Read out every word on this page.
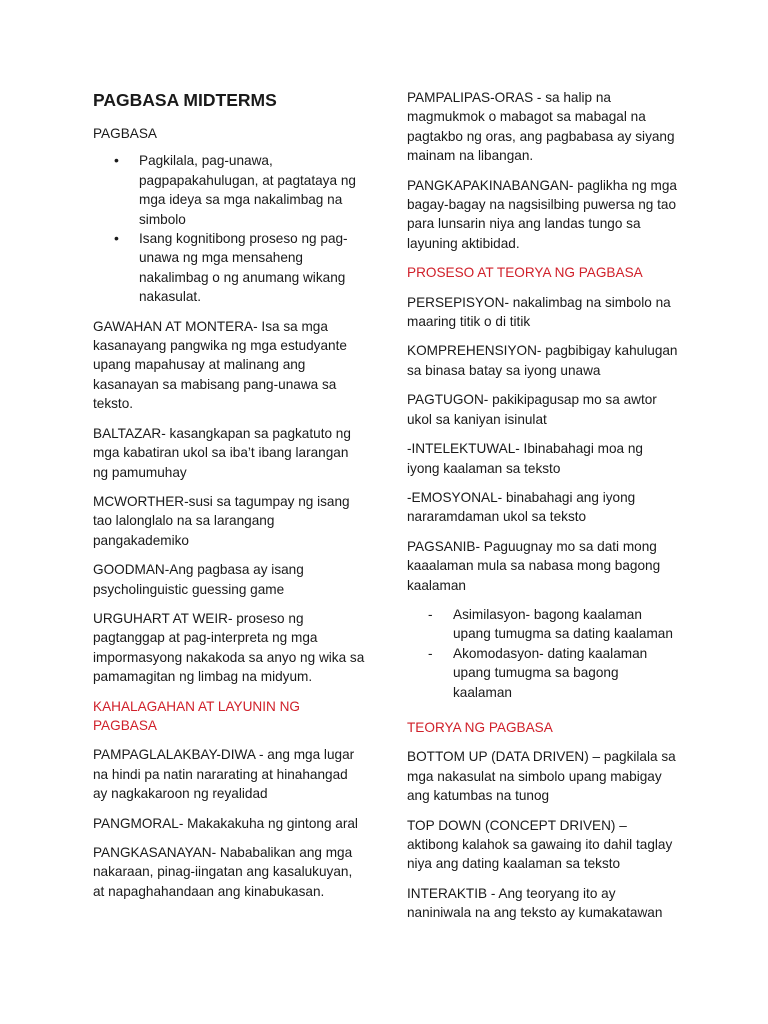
PAGBASA MIDTERMS

PAGBASA

• Pagkilala, pag-unawa, pagpapakahulugan, at pagtataya ng mga ideya sa mga nakalimbag na simbolo
• Isang kognitibong proseso ng pag-unawa ng mga mensaheng nakalimbag o ng anumang wikang nakasulat.

GAWAHAN AT MONTERA- Isa sa mga kasanayang pangwika ng mga estudyante upang mapahusay at malinang ang kasanayan sa mabisang pang-unawa sa teksto.

BALTAZAR- kasangkapan sa pagkatuto ng mga kabatiran ukol sa iba’t ibang larangan ng pamumuhay

MCWORTHER-susi sa tagumpay ng isang tao lalonglalo na sa larangang pangakademiko

GOODMAN-Ang pagbasa ay isang psycholinguistic guessing game

URGUHART AT WEIR- proseso ng pagtanggap at pag-interpreta ng mga impormasyong nakakoda sa anyo ng wika sa pamamagitan ng limbag na midyum.

KAHALAGAHAN AT LAYUNIN NG PAGBASA

PAMPAGLALAKBAY-DIWA - ang mga lugar na hindi pa natin nararating at hinahangad ay nagkakaroon ng reyalidad

PANGMORAL- Makakakuha ng gintong aral

PANGKASANAYAN- Nababalikan ang mga nakaraan, pinag-iingatan ang kasalukuyan, at napaghahandaan ang kinabukasan.

PAMPALIPAS-ORAS - sa halip na magmukmok o mabagot sa mabagal na pagtakbo ng oras, ang pagbabasa ay siyang mainam na libangan.

PANGKAPAKINABANGAN- paglikha ng mga bagay-bagay na nagsisilbing puwersa ng tao para lunsarin niya ang landas tungo sa layuning aktibidad.

PROSESO AT TEORYA NG PAGBASA

PERSEPISYON- nakalimbag na simbolo na maaring titik o di titik

KOMPREHENSIYON- pagbibigay kahulugan sa binasa batay sa iyong unawa

PAGTUGON- pakikipagusap mo sa awtor ukol sa kaniyan isinulat

-INTELEKTUWAL- Ibinabahagi moa ng iyong kaalaman sa teksto

-EMOSYONAL- binabahagi ang iyong nararamdaman ukol sa teksto

PAGSANIB- Paguugnay mo sa dati mong kaaalaman mula sa nabasa mong bagong kaalaman

- Asimilasyon- bagong kaalaman upang tumugma sa dating kaalaman
- Akomodasyon- dating kaalaman upang tumugma sa bagong kaalaman

TEORYA NG PAGBASA

BOTTOM UP (DATA DRIVEN) – pagkilala sa mga nakasulat na simbolo upang mabigay ang katumbas na tunog

TOP DOWN (CONCEPT DRIVEN) – aktibong kalahok sa gawaing ito dahil taglay niya ang dating kaalaman sa teksto

INTERAKTIB - Ang teoryang ito ay naniniwala na ang teksto ay kumakatawan
